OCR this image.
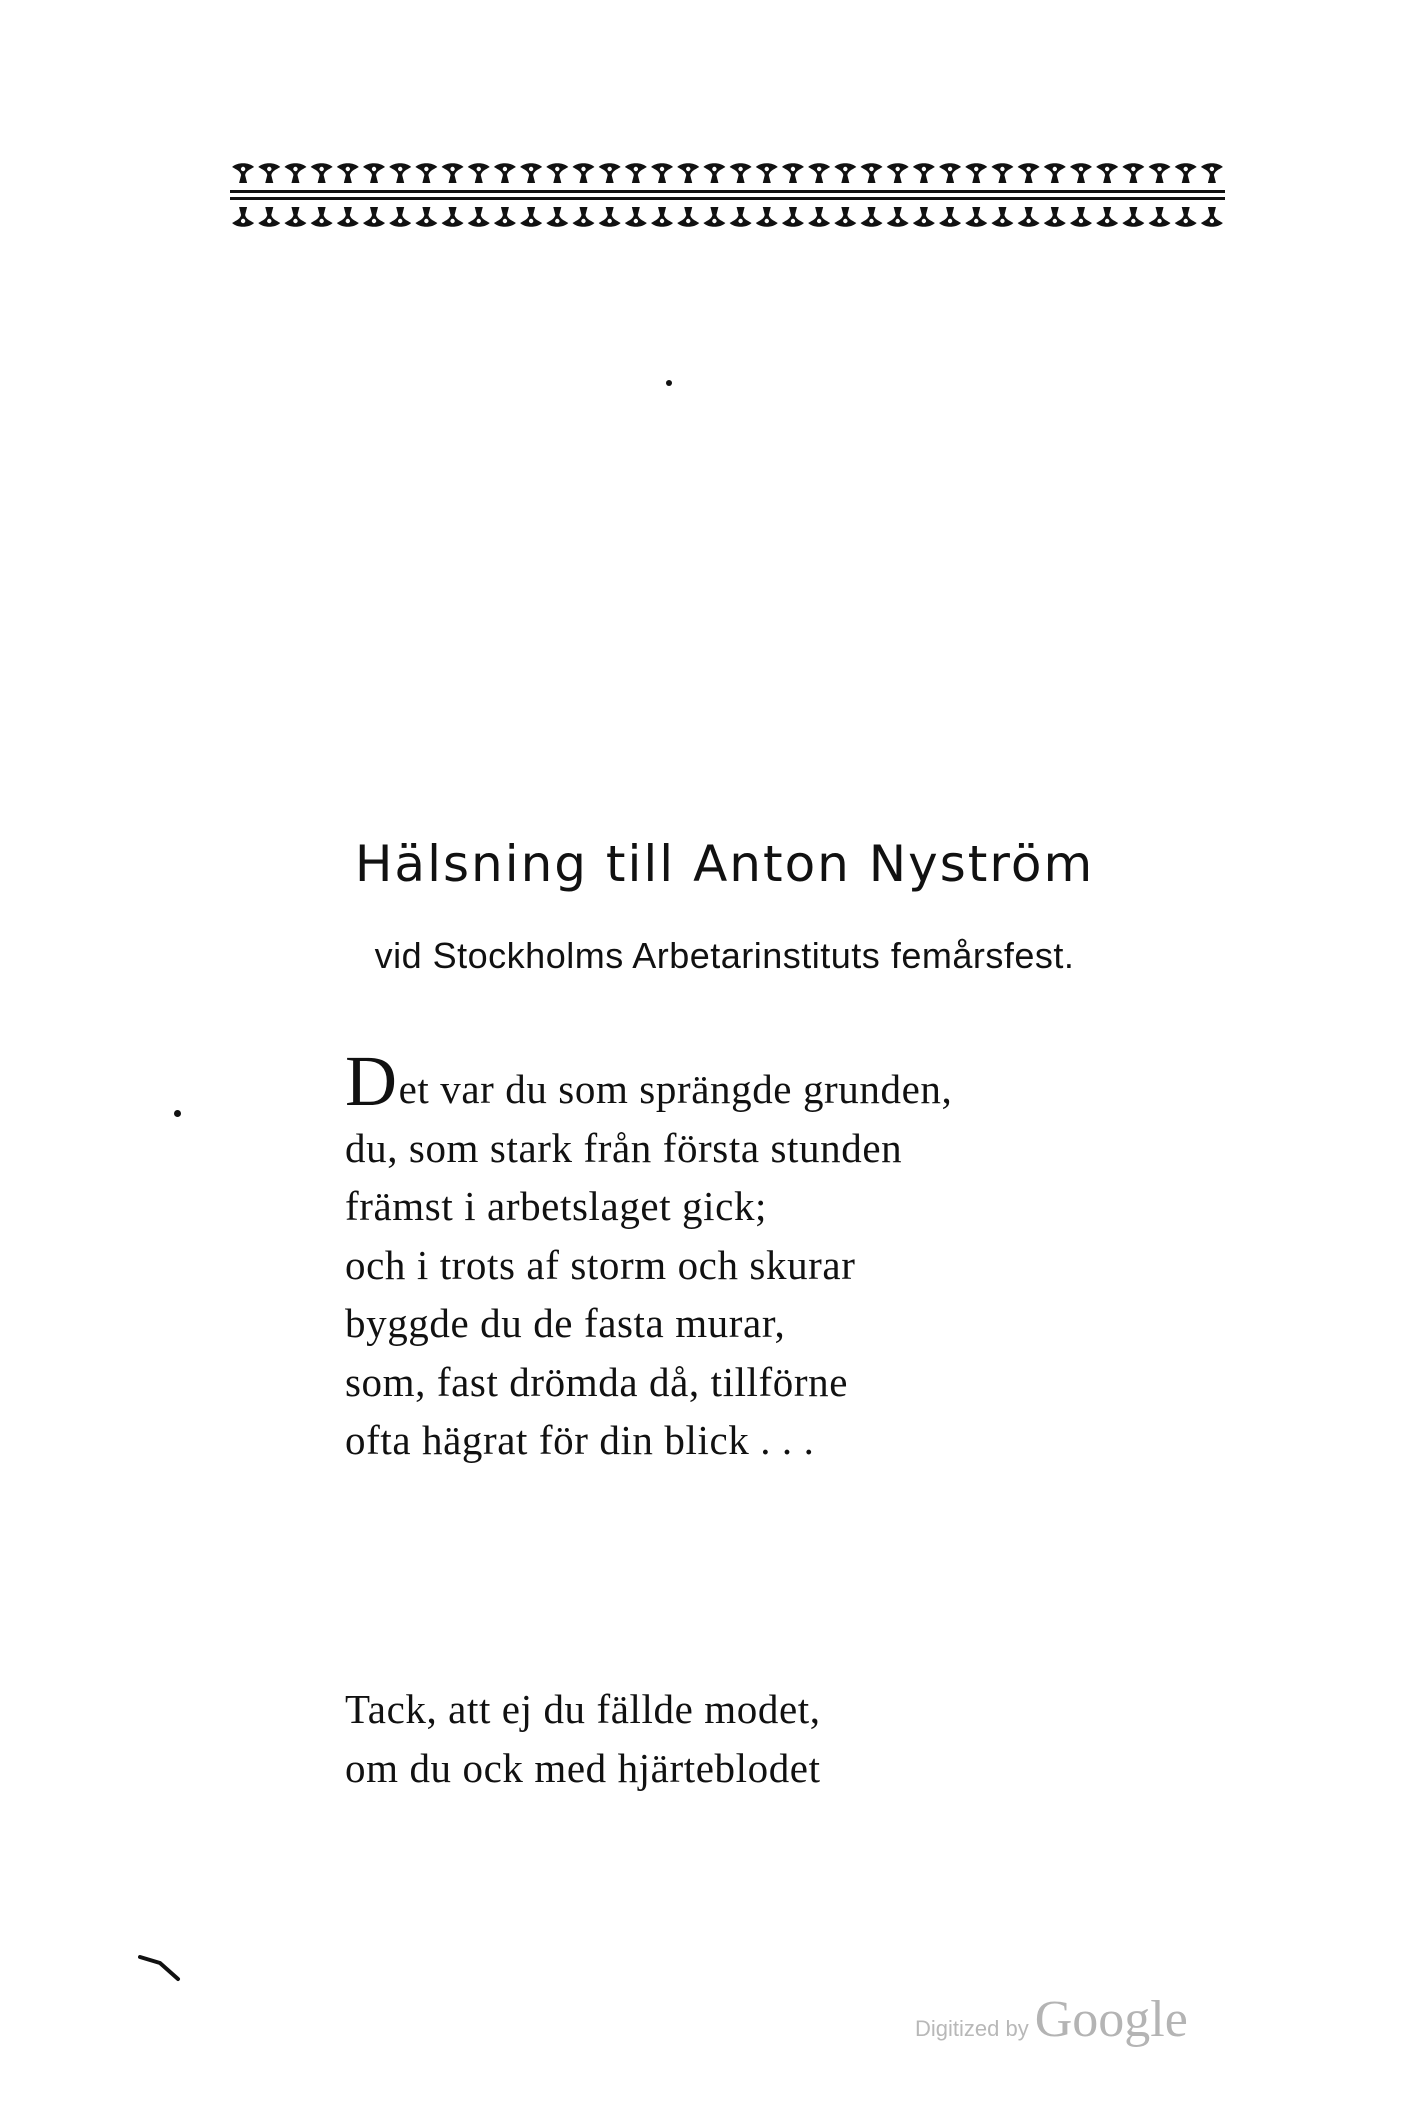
Hälsning till Anton Nyström
vid Stockholms Arbetarinstituts femårsfest.
Det var du som sprängde grunden,
du, som stark från första stunden
främst i arbetslaget gick;
och i trots af storm och skurar
byggde du de fasta murar,
som, fast drömda då, tillförne
ofta hägrat för din blick . . .
Tack, att ej du fällde modet,
om du ock med hjärteblodet
Digitized by Google
